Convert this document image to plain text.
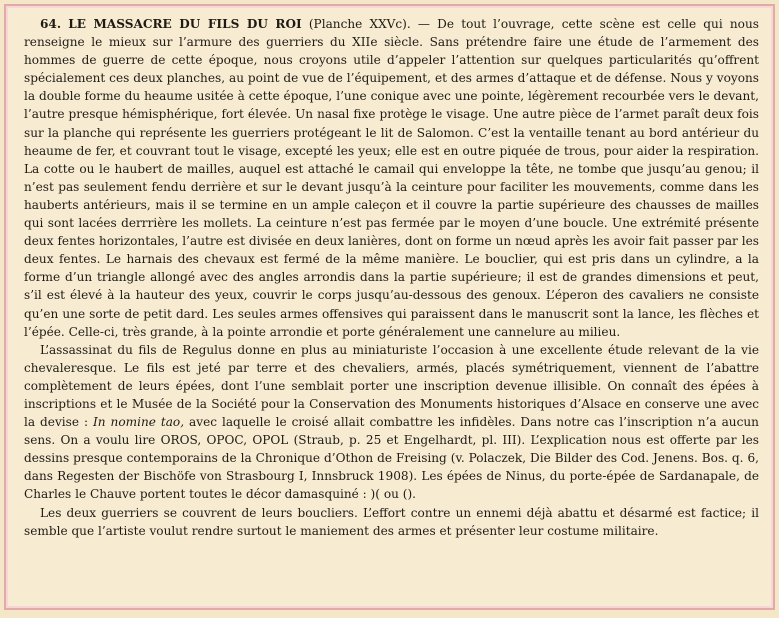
64. LE MASSACRE DU FILS DU ROI (Planche XXVc). — De tout l’ouvrage, cette scène est celle qui nous renseigne le mieux sur l’armure des guerriers du XIIe siècle. Sans prétendre faire une étude de l’armement des hommes de guerre de cette époque, nous croyons utile d’appeler l’attention sur quelques particularités qu’offrent spécialement ces deux planches, au point de vue de l’équipement, et des armes d’attaque et de défense. Nous y voyons la double forme du heaume usitée à cette époque, l’une conique avec une pointe, légèrement recourbée vers le devant, l’autre presque hémisphérique, fort élevée. Un nasal fixe protège le visage. Une autre pièce de l’armet paraît deux fois sur la planche qui représente les guerriers protégeant le lit de Salomon. C’est la ventaille tenant au bord antérieur du heaume de fer, et couvrant tout le visage, excepté les yeux; elle est en outre piquée de trous, pour aider la respiration. La cotte ou le haubert de mailles, auquel est attaché le camail qui enveloppe la tête, ne tombe que jusqu’au genou; il n’est pas seulement fendu derrière et sur le devant jusqu’à la ceinture pour faciliter les mouvements, comme dans les hauberts antérieurs, mais il se termine en un ample caleçon et il couvre la partie supérieure des chausses de mailles qui sont lacées derrrière les mollets. La ceinture n’est pas fermée par le moyen d’une boucle. Une extrémité présente deux fentes horizontales, l’autre est divisée en deux lanières, dont on forme un nœud après les avoir fait passer par les deux fentes. Le harnais des chevaux est fermé de la même manière. Le bouclier, qui est pris dans un cylindre, a la forme d’un triangle allongé avec des angles arrondis dans la partie supérieure; il est de grandes dimensions et peut, s’il est élevé à la hauteur des yeux, couvrir le corps jusqu’au-dessous des genoux. L’éperon des cavaliers ne consiste qu’en une sorte de petit dard. Les seules armes offensives qui paraissent dans le manuscrit sont la lance, les flèches et l’épée. Celle-ci, très grande, à la pointe arrondie et porte généralement une cannelure au milieu.

L’assassinat du fils de Regulus donne en plus au miniaturiste l’occasion à une excellente étude relevant de la vie chevaleresque. Le fils est jeté par terre et des chevaliers, armés, placés symétriquement, viennent de l’abattre complètement de leurs épées, dont l’une semblait porter une inscription devenue illisible. On connaît des épées à inscriptions et le Musée de la Société pour la Conservation des Monuments historiques d’Alsace en conserve une avec la devise : In nomine tao, avec laquelle le croisé allait combattre les infidèles. Dans notre cas l’inscription n’a aucun sens. On a voulu lire OROS, OPOC, OPOL (Straub, p. 25 et Engelhardt, pl. III). L’explication nous est offerte par les dessins presque contemporains de la Chronique d’Othon de Freising (v. Polaczek, Die Bilder des Cod. Jenens. Bos. q. 6, dans Regesten der Bischöfe von Strasbourg I, Innsbruck 1908). Les épées de Ninus, du porte-épée de Sardanapale, de Charles le Chauve portent toutes le décor damasquiné : )( ou ().

Les deux guerriers se couvrent de leurs boucliers. L’effort contre un ennemi déjà abattu et désarmé est factice; il semble que l’artiste voulut rendre surtout le maniement des armes et présenter leur costume militaire.
